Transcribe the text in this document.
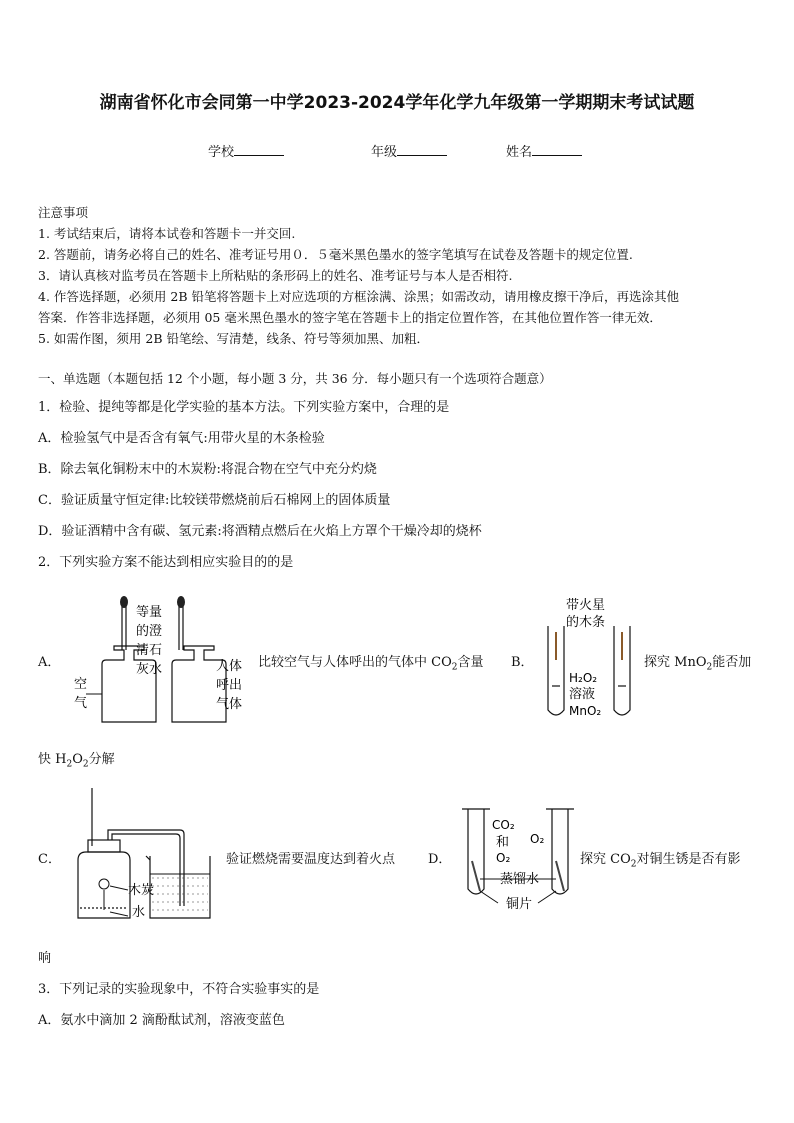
湖南省怀化市会同第一中学2023-2024学年化学九年级第一学期期末考试试题
学校	年级	姓名
注意事项
1. 考试结束后，请将本试卷和答题卡一并交回.
2. 答题前，请务必将自己的姓名、准考证号用０．５毫米黑色墨水的签字笔填写在试卷及答题卡的规定位置.
3．请认真核对监考员在答题卡上所粘贴的条形码上的姓名、准考证号与本人是否相符.
4. 作答选择题，必须用 2B 铅笔将答题卡上对应选项的方框涂满、涂黑；如需改动，请用橡皮擦干净后，再选涂其他
答案．作答非选择题，必须用 05 毫米黑色墨水的签字笔在答题卡上的指定位置作答，在其他位置作答一律无效．
5. 如需作图，须用 2B 铅笔绘、写清楚，线条、符号等须加黑、加粗．
一、单选题（本题包括 12 个小题，每小题 3 分，共 36 分．每小题只有一个选项符合题意）
1．检验、提纯等都是化学实验的基本方法。下列实验方案中，合理的是
A．检验氢气中是否含有氧气:用带火星的木条检验
B．除去氧化铜粉末中的木炭粉:将混合物在空气中充分灼烧
C．验证质量守恒定律:比较镁带燃烧前后石棉网上的固体质量
D．验证酒精中含有碳、氢元素:将酒精点燃后在火焰上方罩个干燥冷却的烧杯
2．下列实验方案不能达到相应实验目的的是
A．
等量
的澄
清石
灰水
空
气
人体
呼出
气体
比较空气与人体呼出的气体中 $CO_2$含量 B．
带火星
的木条
H₂O₂
溶液
MnO₂
探究 MnO$_2$能否加
快 $H_2O_2$分解
C．
木炭
水
验证燃烧需要温度达到着火点	D．
CO₂
和
O₂
O₂
蒸馏水
铜片
探究 $CO_2$对铜生锈是否有影
响
3．下列记录的实验现象中，不符合实验事实的是
A．氨水中滴加 2 滴酚酞试剂，溶液变蓝色
